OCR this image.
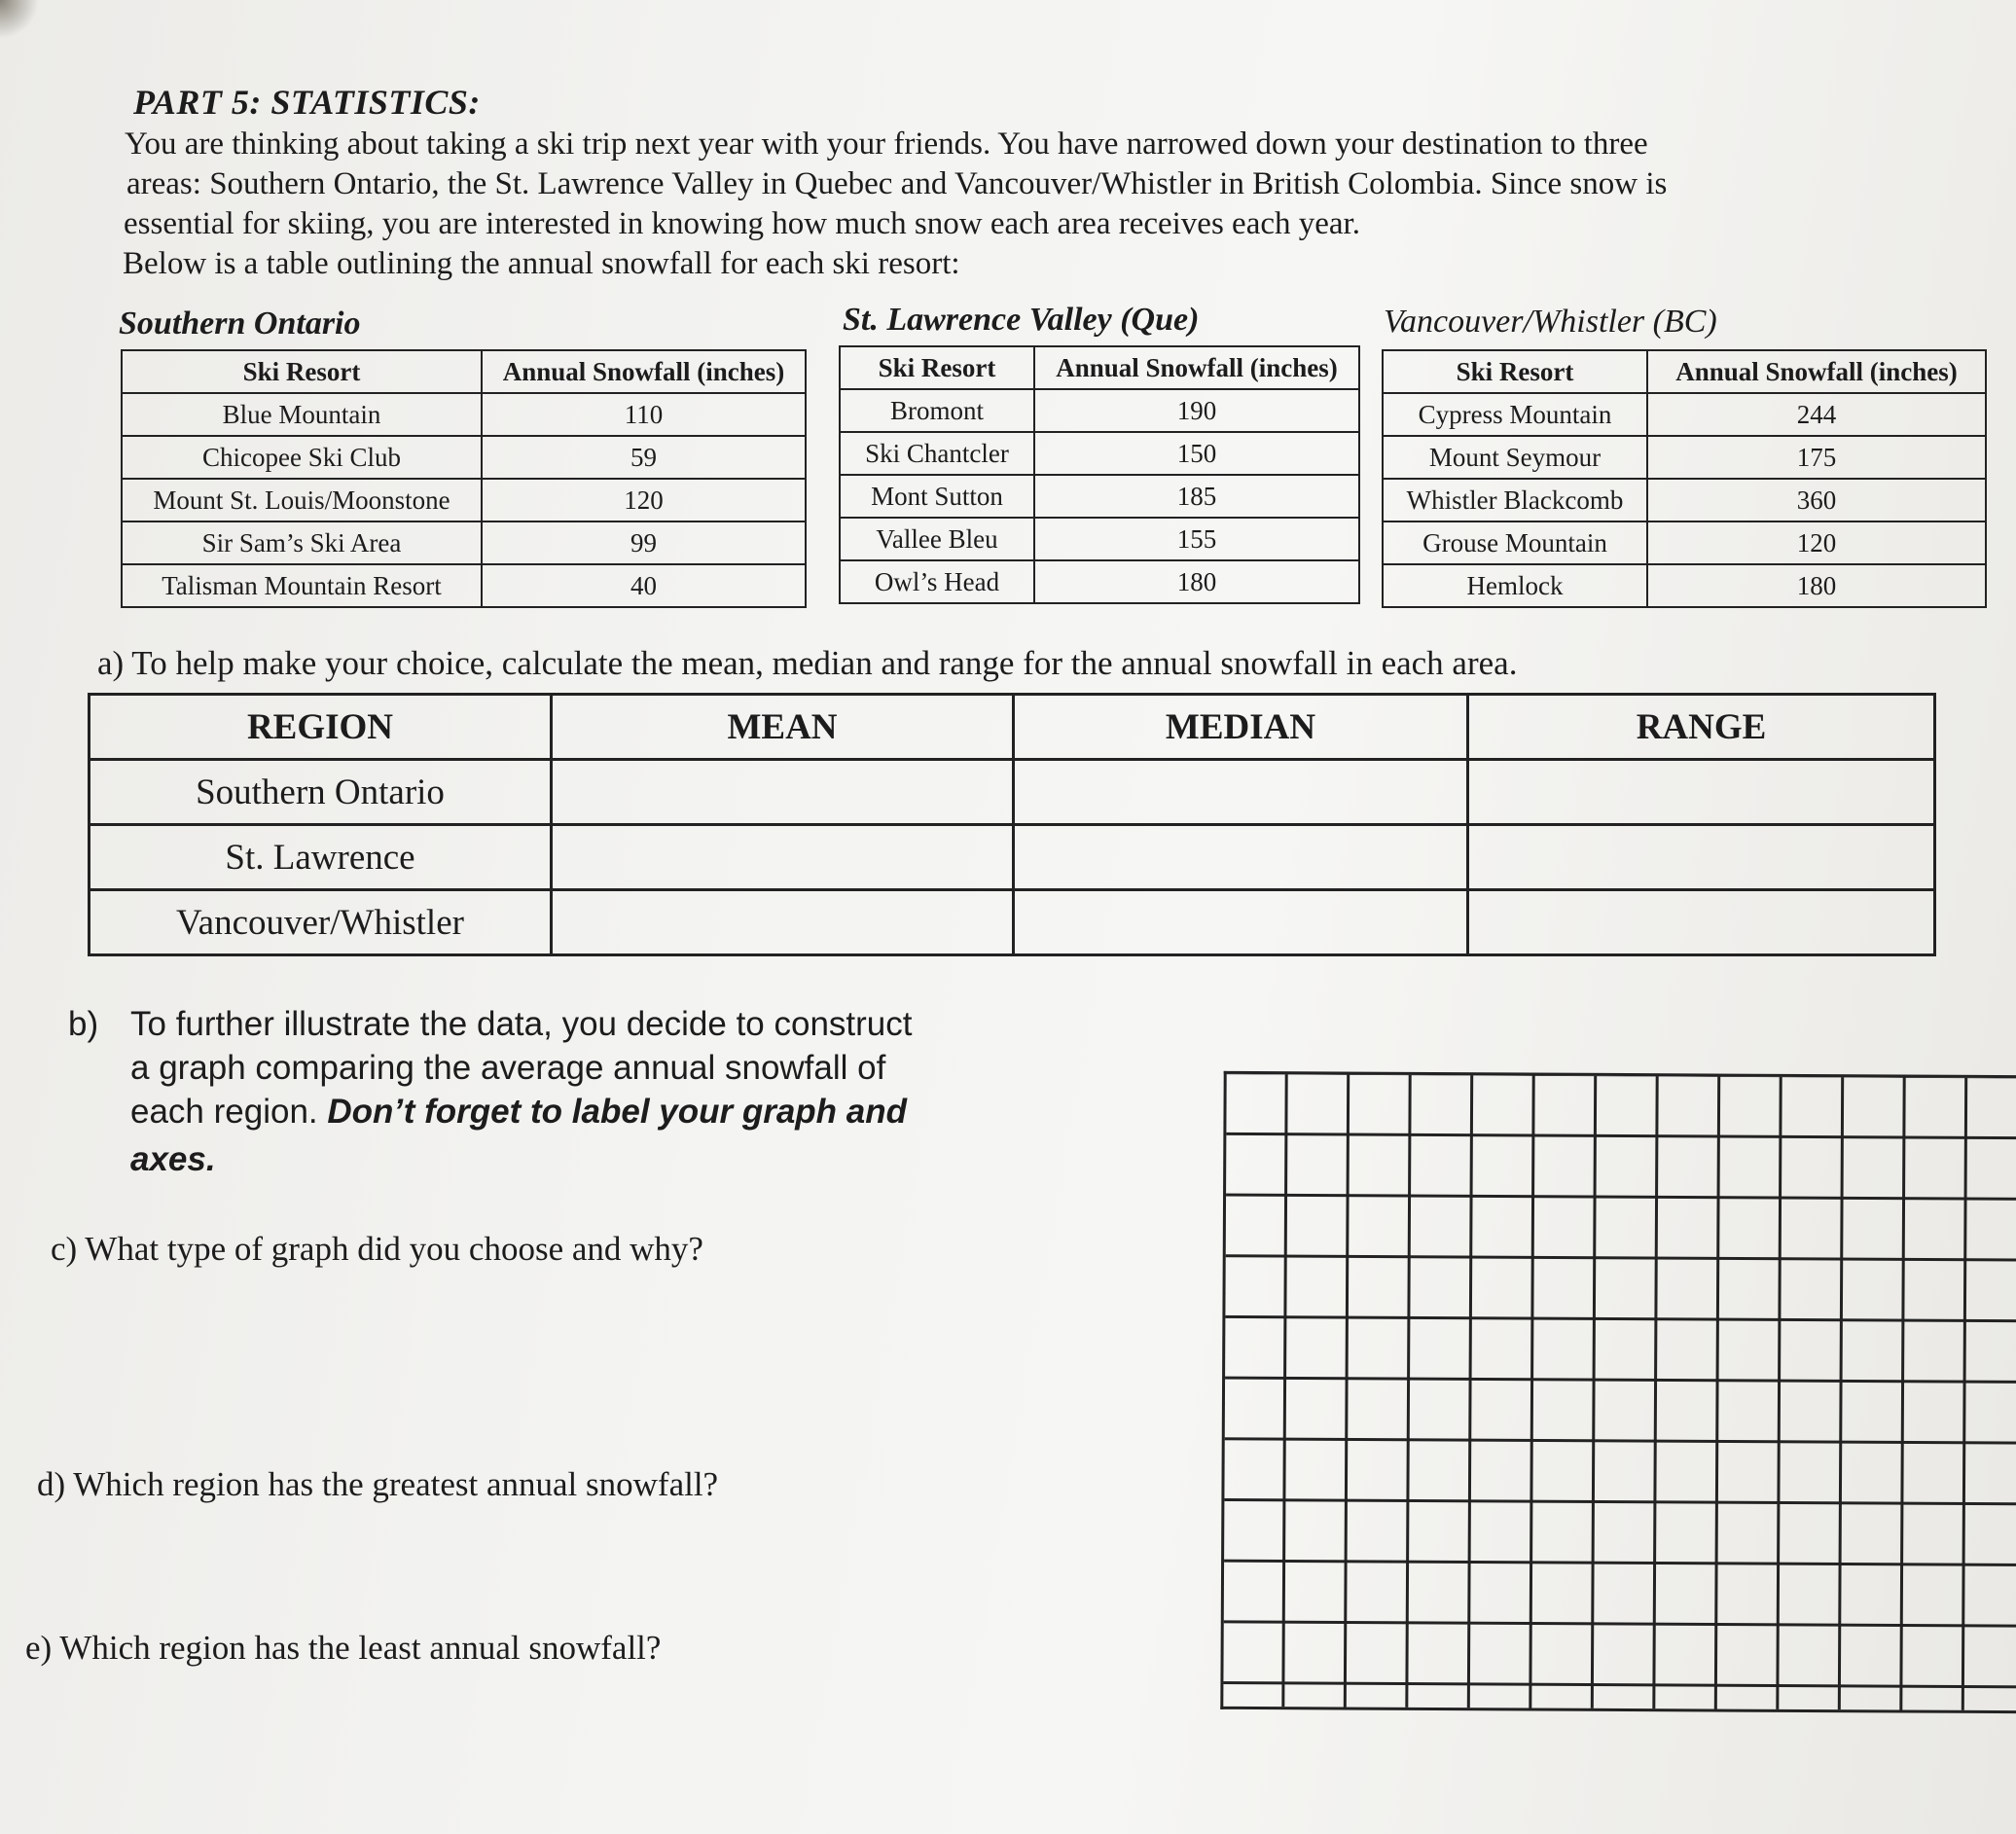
PART 5: STATISTICS:

You are thinking about taking a ski trip next year with your friends. You have narrowed down your destination to three

areas: Southern Ontario, the St. Lawrence Valley in Quebec and Vancouver/Whistler in British Colombia. Since snow is

essential for skiing, you are interested in knowing how much snow each area receives each year.

Below is a table outlining the annual snowfall for each ski resort:

Southern Ontario
Ski Resort	Annual Snowfall (inches)
Blue Mountain	110
Chicopee Ski Club	59
Mount St. Louis/Moonstone	120
Sir Sam’s Ski Area	99
Talisman Mountain Resort	40
St. Lawrence Valley (Que)
Ski Resort	Annual Snowfall (inches)
Bromont	190
Ski Chantcler	150
Mont Sutton	185
Vallee Bleu	155
Owl’s Head	180
Vancouver/Whistler (BC)
Ski Resort	Annual Snowfall (inches)
Cypress Mountain	244
Mount Seymour	175
Whistler Blackcomb	360
Grouse Mountain	120
Hemlock	180
a) To help make your choice, calculate the mean, median and range for the annual snowfall in each area.
REGION	MEAN	MEDIAN	RANGE
Southern Ontario			
St. Lawrence			
Vancouver/Whistler			
b) To further illustrate the data, you decide to construct
a graph comparing the average annual snowfall of
each region. Don’t forget to label your graph and
axes.
c) What type of graph did you choose and why?
d) Which region has the greatest annual snowfall?
e) Which region has the least annual snowfall?
